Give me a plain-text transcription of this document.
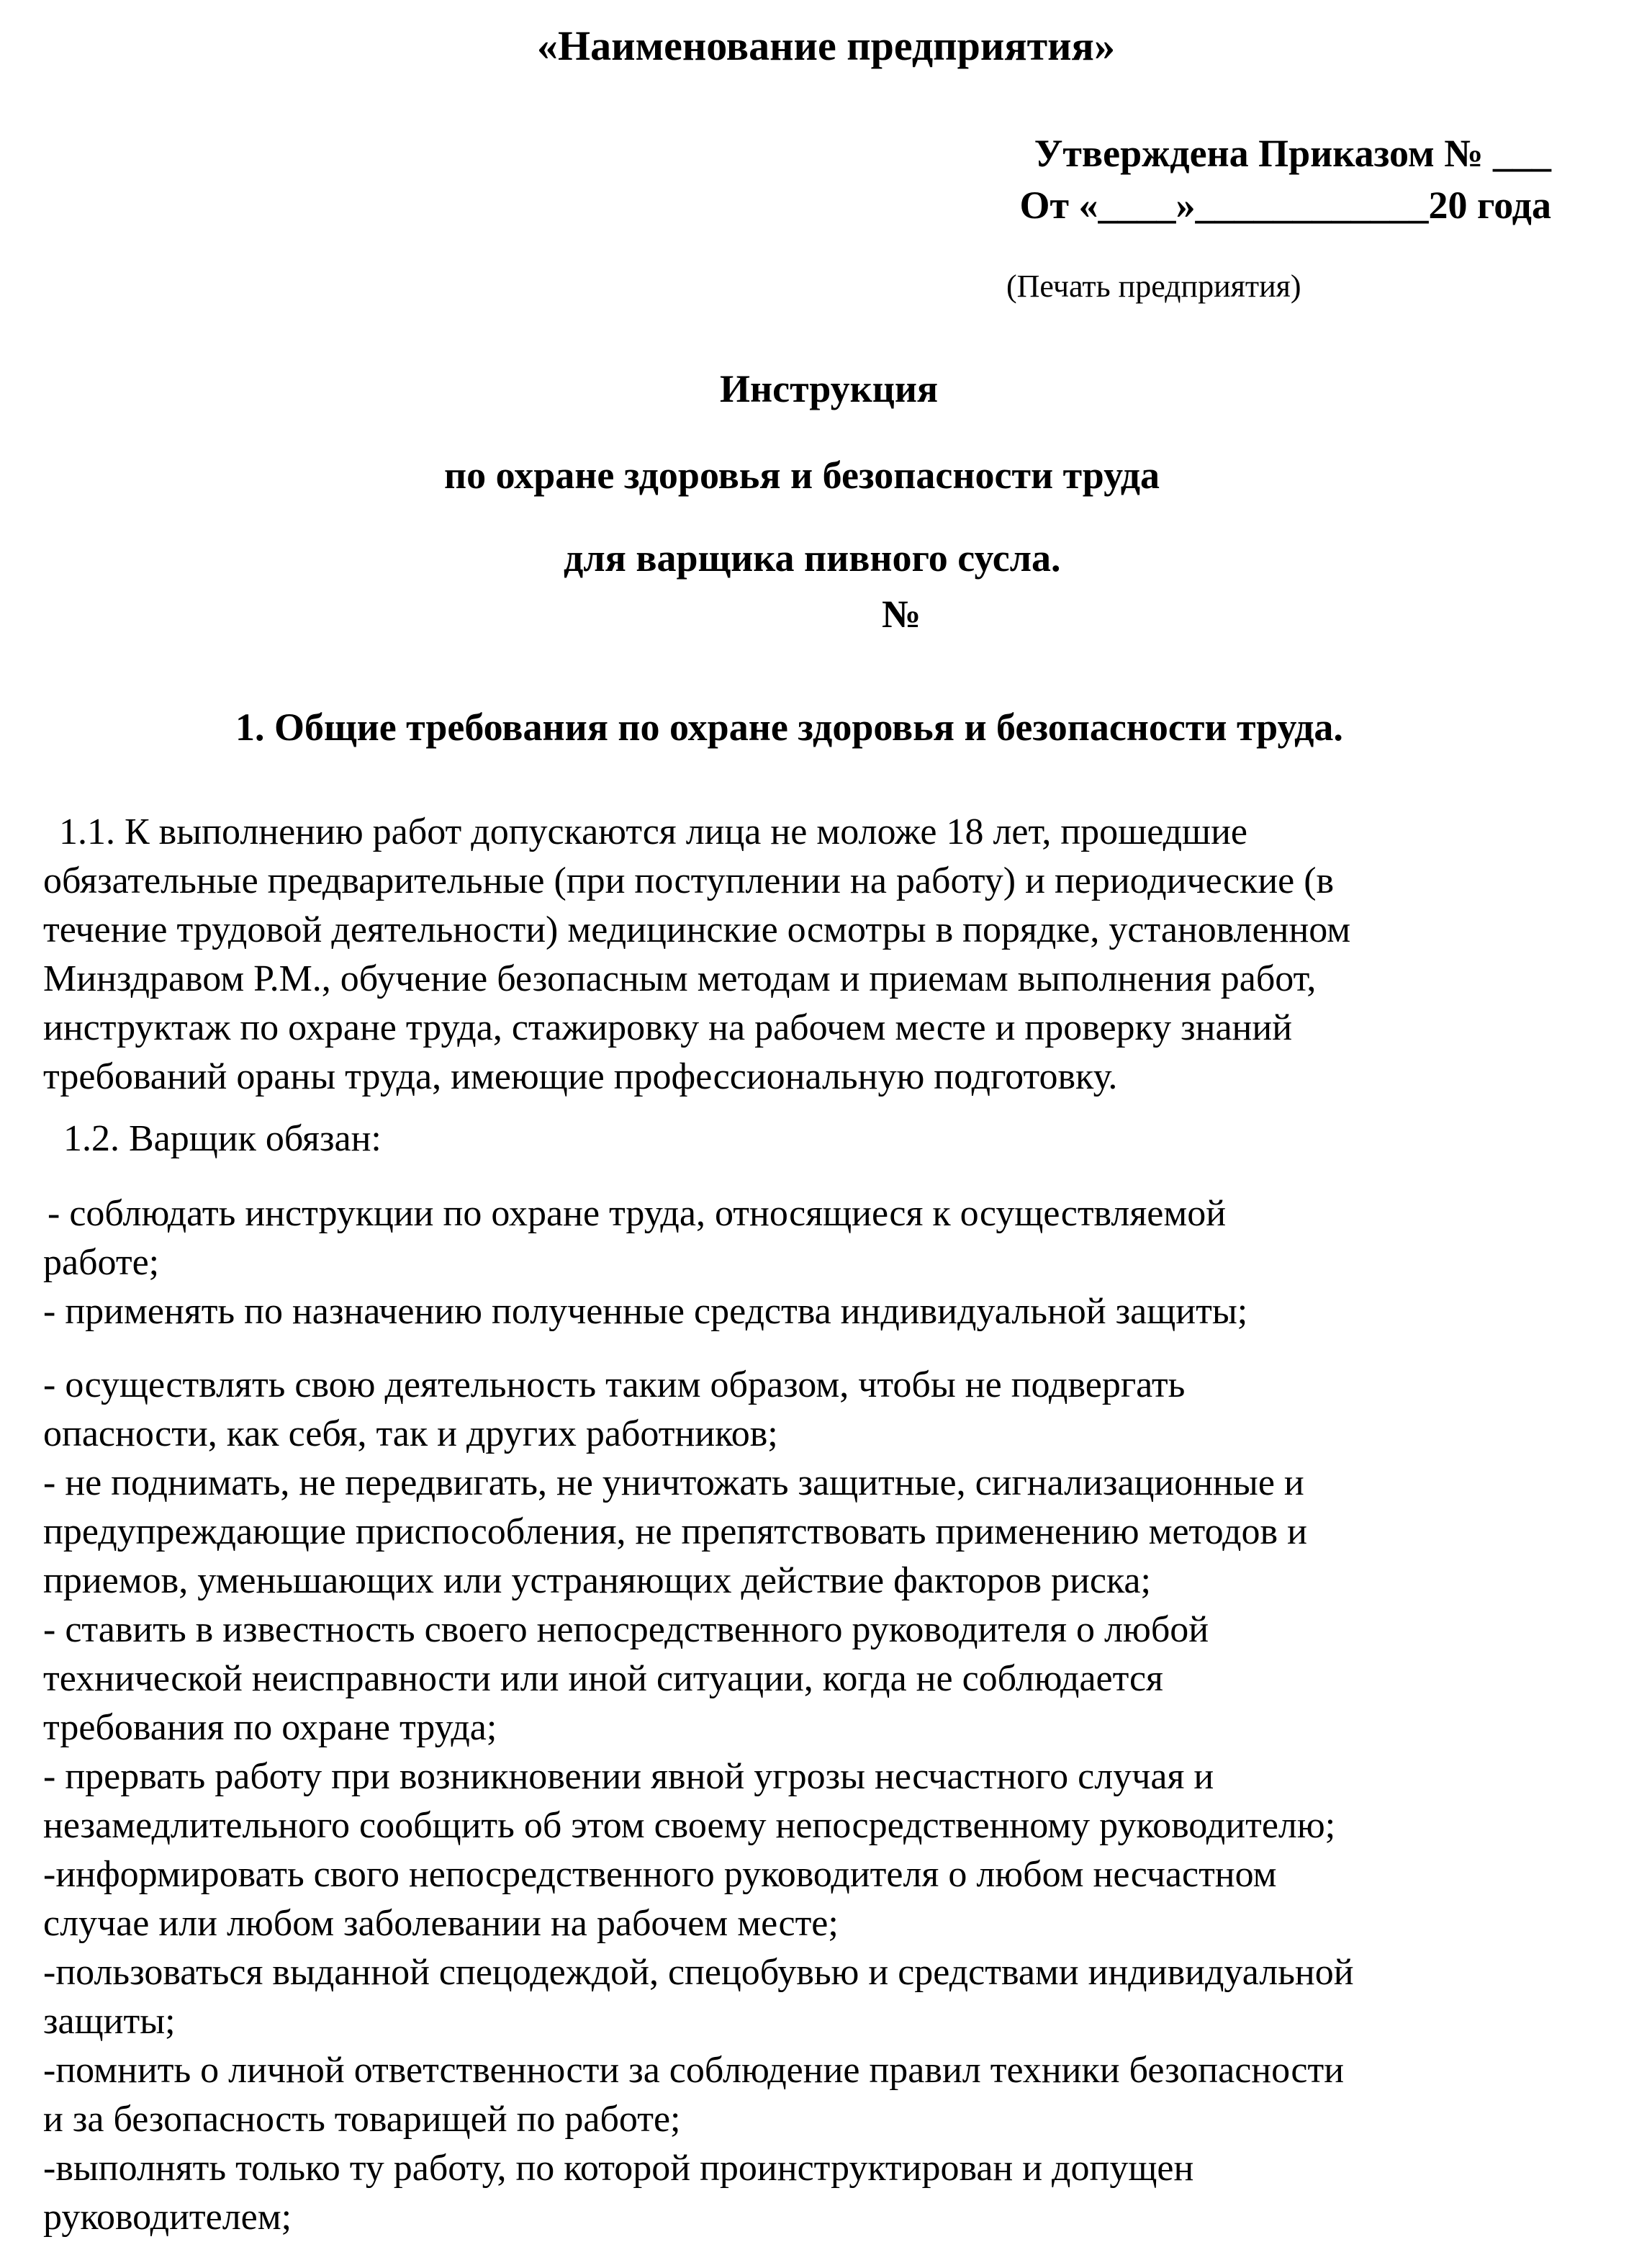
«Наименование предприятия»
Утверждена Приказом № ___
От «____»____________20 года
(Печать предприятия)
Инструкция
по охране здоровья и безопасности труда
для варщика пивного сусла.
№
1. Общие требования по охране здоровья и безопасности труда.
1.1. К выполнению работ допускаются лица не моложе 18 лет, прошедшие
обязательные предварительные (при поступлении на работу) и периодические (в
течение трудовой деятельности) медицинские осмотры в порядке, установленном
Минздравом Р.М., обучение безопасным методам и приемам выполнения работ,
инструктаж по охране труда, стажировку на рабочем месте и проверку знаний
требований ораны труда, имеющие профессиональную подготовку.
1.2. Варщик обязан:
- соблюдать инструкции по охране труда, относящиеся к осуществляемой
работе;
- применять по назначению полученные средства индивидуальной защиты;
- осуществлять свою деятельность таким образом, чтобы не подвергать
опасности, как себя, так и других работников;
- не поднимать, не передвигать, не уничтожать защитные, сигнализационные и
предупреждающие приспособления, не препятствовать применению методов и
приемов, уменьшающих или устраняющих действие факторов риска;
- ставить в известность своего непосредственного руководителя о любой
технической неисправности или иной ситуации, когда не соблюдается
требования по охране труда;
- прервать работу при возникновении явной угрозы несчастного случая и
незамедлительного сообщить об этом своему непосредственному руководителю;
-информировать свого непосредственного руководителя о любом несчастном
случае или любом заболевании на рабочем месте;
-пользоваться выданной спецодеждой, спецобувью и средствами индивидуальной
защиты;
-помнить о личной ответственности за соблюдение правил техники безопасности
и за безопасность товарищей по работе;
-выполнять только ту работу, по которой проинструктирован и допущен
руководителем;
